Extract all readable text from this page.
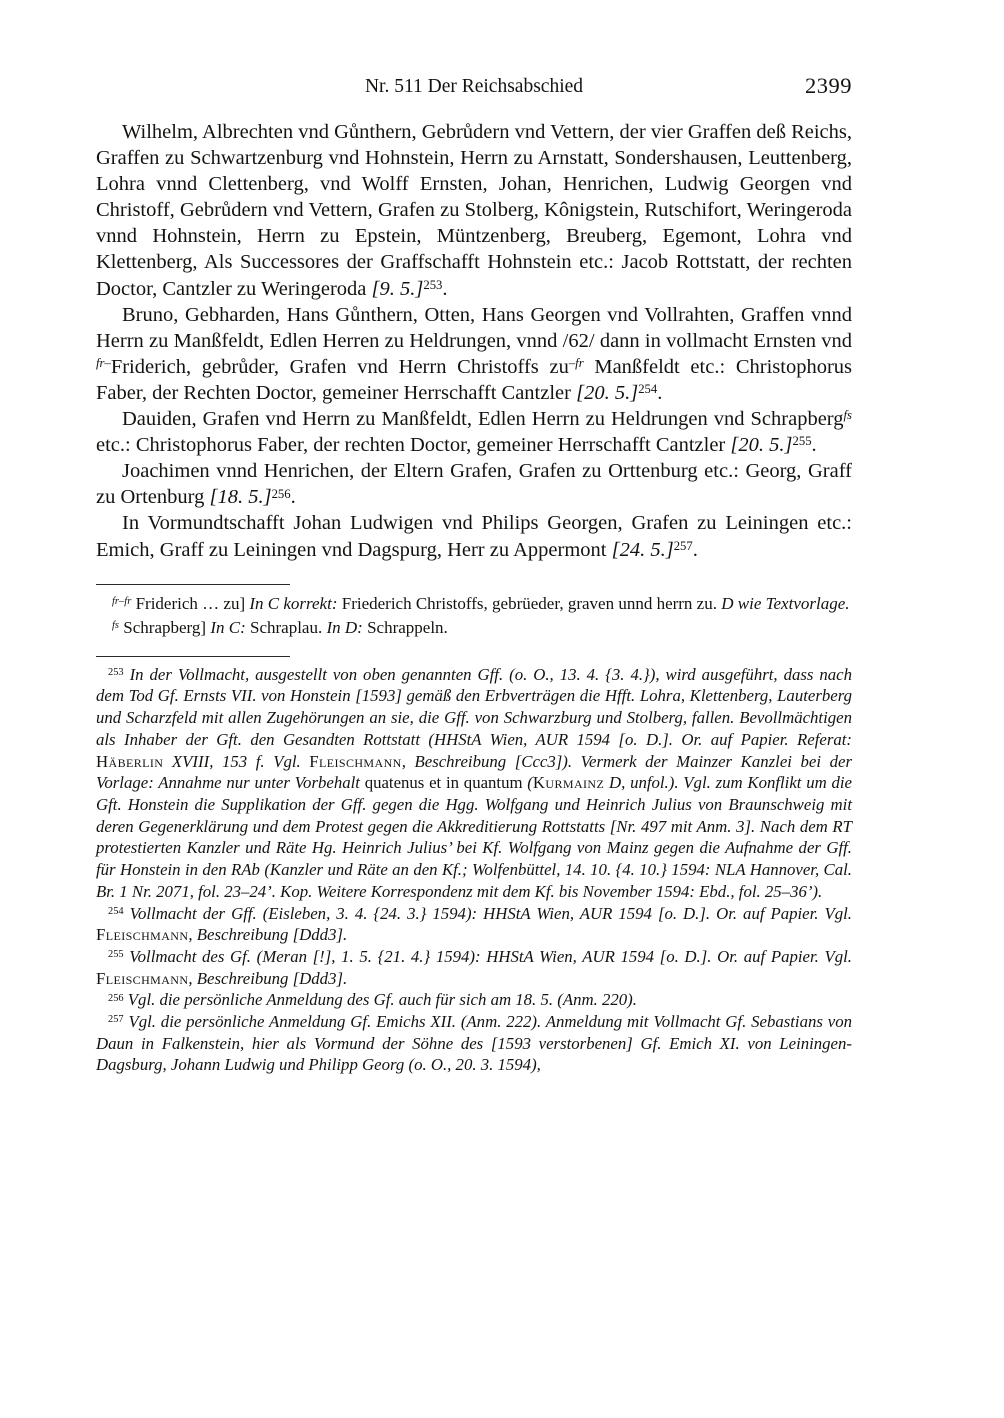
Nr. 511 Der Reichsabschied	2399

Wilhelm, Albrechten vnd Gůnthern, Gebrůdern vnd Vettern, der vier Graffen deß Reichs, Graffen zu Schwartzenburg vnd Hohnstein, Herrn zu Arnstatt, Sondershausen, Leuttenberg, Lohra vnnd Clettenberg, vnd Wolff Ernsten, Johan, Henrichen, Ludwig Georgen vnd Christoff, Gebrůdern vnd Vettern, Grafen zu Stolberg, Kônigstein, Rutschifort, Weringeroda vnnd Hohnstein, Herrn zu Epstein, Müntzenberg, Breuberg, Egemont, Lohra vnd Klettenberg, Als Successores der Graffschafft Hohnstein etc.: Jacob Rottstatt, der rechten Doctor, Cantzler zu Weringeroda [9. 5.]$^{253}$.

Bruno, Gebharden, Hans Gůnthern, Otten, Hans Georgen vnd Vollrahten, Graffen vnnd Herrn zu Manßfeldt, Edlen Herren zu Heldrungen, vnnd /62/ dann in vollmacht Ernsten vnd $^{fr-}$Friderich, gebrůder, Grafen vnd Herrn Christoffs $zu^{-fr}$ Manßfeldt etc.: Christophorus Faber, der Rechten Doctor, gemeiner Herrschafft Cantzler [20. 5.]$^{254}$.

Dauiden, Grafen vnd Herrn zu Manßfeldt, Edlen Herrn zu Heldrungen vnd Schrapberg$^{fs}$ etc.: Christophorus Faber, der rechten Doctor, gemeiner Herrschafft Cantzler [20. 5.]$^{255}$.

Joachimen vnnd Henrichen, der Eltern Grafen, Grafen zu Orttenburg etc.: Georg, Graff zu Ortenburg [18. 5.]$^{256}$.

In Vormundtschafft Johan Ludwigen vnd Philips Georgen, Grafen zu Leiningen etc.: Emich, Graff zu Leiningen vnd Dagspurg, Herr zu Appermont [24. 5.]$^{257}$.

$^{fr-fr}$ Friderich … zu] In C korrekt: Friederich Christoffs, gebrüeder, graven unnd herrn zu. D wie Textvorlage.

$^{fs}$ Schrapberg] In C: Schraplau. In D: Schrappeln.

$^{253}$ In der Vollmacht, ausgestellt von oben genannten Gff. (o. O., 13. 4. {3. 4.}), wird ausgeführt, dass nach dem Tod Gf. Ernsts VII. von Honstein [1593] gemäß den Erbverträgen die Hfft. Lohra, Klettenberg, Lauterberg und Scharzfeld mit allen Zugehörungen an sie, die Gff. von Schwarzburg und Stolberg, fallen. Bevollmächtigen als Inhaber der Gft. den Gesandten Rottstatt (HHStA Wien, AUR 1594 [o. D.]. Or. auf Papier. Referat: Häberlin XVIII, 153 f. Vgl. Fleischmann, Beschreibung [Ccc3]). Vermerk der Mainzer Kanzlei bei der Vorlage: Annahme nur unter Vorbehalt quatenus et in quantum (Kurmainz D, unfol.). Vgl. zum Konflikt um die Gft. Honstein die Supplikation der Gff. gegen die Hgg. Wolfgang und Heinrich Julius von Braunschweig mit deren Gegenerklärung und dem Protest gegen die Akkreditierung Rottstatts [Nr. 497 mit Anm. 3]. Nach dem RT protestierten Kanzler und Räte Hg. Heinrich Julius’ bei Kf. Wolfgang von Mainz gegen die Aufnahme der Gff. für Honstein in den RAb (Kanzler und Räte an den Kf.; Wolfenbüttel, 14. 10. {4. 10.} 1594: NLA Hannover, Cal. Br. 1 Nr. 2071, fol. 23–24’. Kop. Weitere Korrespondenz mit dem Kf. bis November 1594: Ebd., fol. 25–36’).

$^{254}$ Vollmacht der Gff. (Eisleben, 3. 4. {24. 3.} 1594): HHStA Wien, AUR 1594 [o. D.]. Or. auf Papier. Vgl. Fleischmann, Beschreibung [Ddd3].

$^{255}$ Vollmacht des Gf. (Meran [!], 1. 5. {21. 4.} 1594): HHStA Wien, AUR 1594 [o. D.]. Or. auf Papier. Vgl. Fleischmann, Beschreibung [Ddd3].

$^{256}$ Vgl. die persönliche Anmeldung des Gf. auch für sich am 18. 5. (Anm. 220).

$^{257}$ Vgl. die persönliche Anmeldung Gf. Emichs XII. (Anm. 222). Anmeldung mit Vollmacht Gf. Sebastians von Daun in Falkenstein, hier als Vormund der Söhne des [1593 verstorbenen] Gf. Emich XI. von Leiningen-Dagsburg, Johann Ludwig und Philipp Georg (o. O., 20. 3. 1594),
